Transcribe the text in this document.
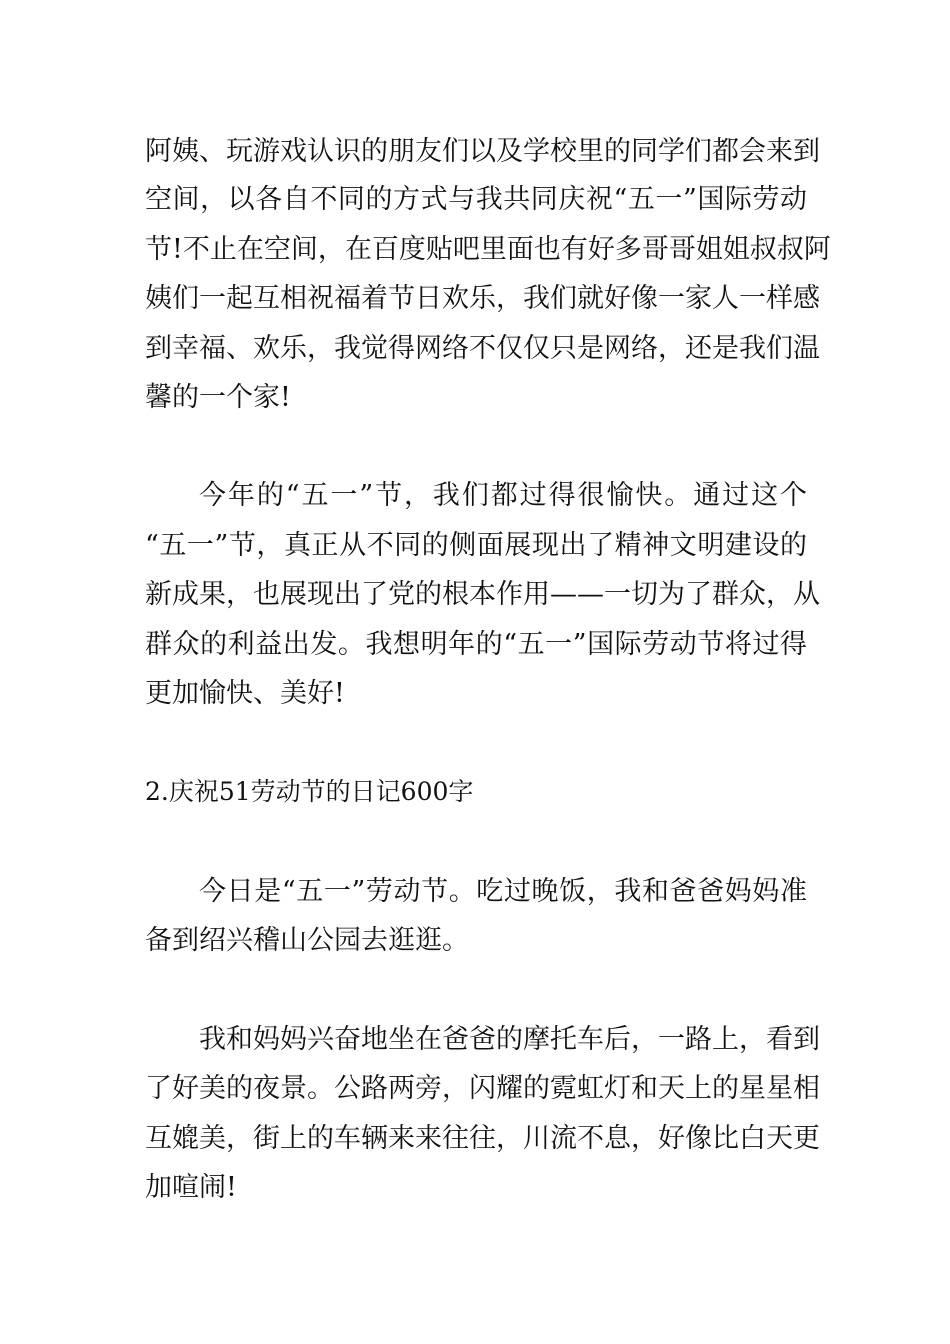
阿姨、玩游戏认识的朋友们以及学校里的同学们都会来到
空间，以各自不同的方式与我共同庆祝“五一”国际劳动
节!不止在空间，在百度贴吧里面也有好多哥哥姐姐叔叔阿
姨们一起互相祝福着节日欢乐，我们就好像一家人一样感
到幸福、欢乐，我觉得网络不仅仅只是网络，还是我们温
馨的一个家!
今年的“五一”节，我们都过得很愉快。通过这个
“五一”节，真正从不同的侧面展现出了精神文明建设的
新成果，也展现出了党的根本作用——一切为了群众，从
群众的利益出发。我想明年的“五一”国际劳动节将过得
更加愉快、美好!
2.庆祝51劳动节的日记600字
今日是“五一”劳动节。吃过晚饭，我和爸爸妈妈准
备到绍兴稽山公园去逛逛。
我和妈妈兴奋地坐在爸爸的摩托车后，一路上，看到
了好美的夜景。公路两旁，闪耀的霓虹灯和天上的星星相
互媲美，街上的车辆来来往往，川流不息，好像比白天更
加喧闹!
